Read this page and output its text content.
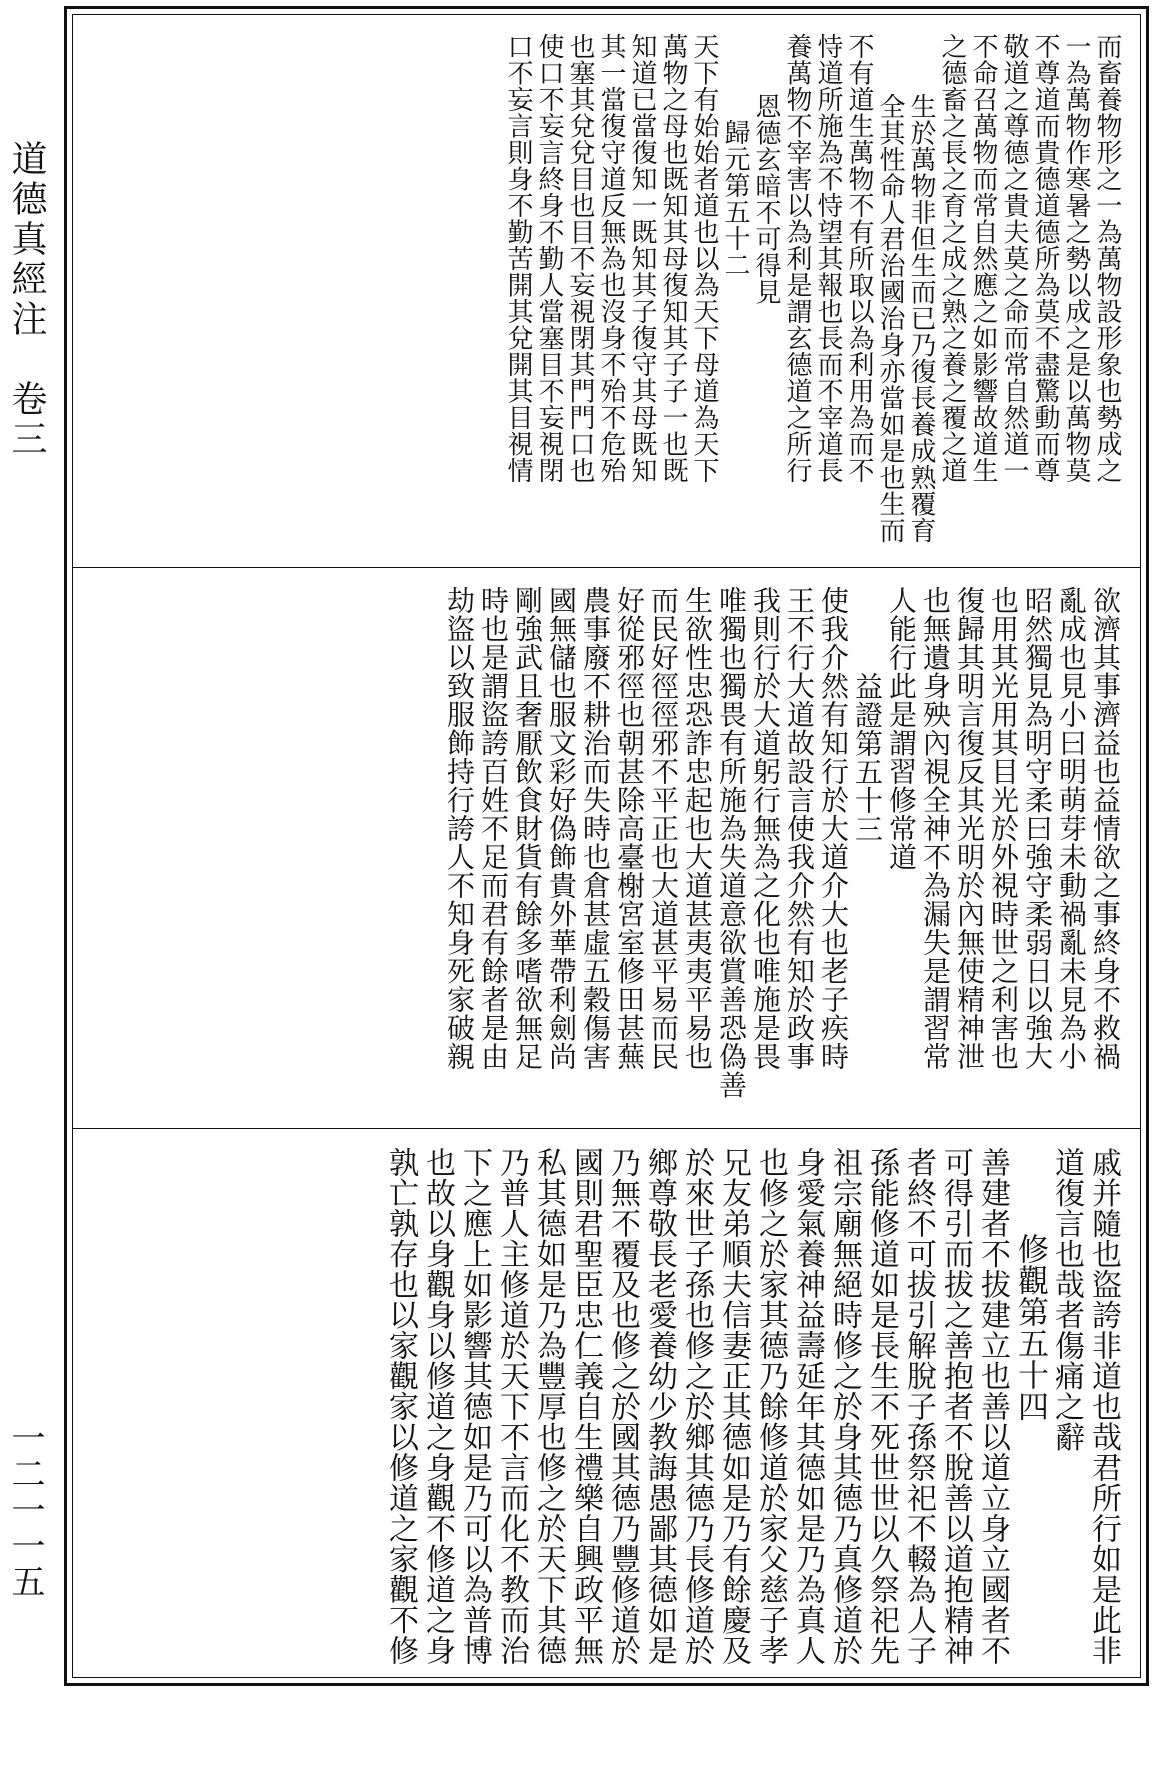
道德真經注　卷三
一二一一五

而畜養物形之一為萬物設形象也勢成之

一為萬物作寒暑之勢以成之是以萬物莫

不尊道而貴德道德所為莫不盡驚動而尊

敬道之尊德之貴夫莫之命而常自然道一

不命召萬物而常自然應之如影響故道生

之德畜之長之育之成之熟之養之覆之道

生於萬物非但生而已乃復長養成熟覆育

全其性命人君治國治身亦當如是也生而

不有道生萬物不有所取以為利用為而不

恃道所施為不恃望其報也長而不宰道長

養萬物不宰害以為利是謂玄德道之所行

恩德玄暗不可得見

歸元第五十二

天下有始始者道也以為天下母道為天下

萬物之母也既知其母復知其子子一也既

知道已當復知一既知其子復守其母既知

其一當復守道反無為也沒身不殆不危殆

也塞其兌兌目也目不妄視閉其門門口也

使口不妄言終身不勤人當塞目不妄視閉

口不妄言則身不勤苦開其兌開其目視情

欲濟其事濟益也益情欲之事終身不救禍

亂成也見小曰明萌芽未動禍亂未見為小

昭然獨見為明守柔曰強守柔弱日以強大

也用其光用其目光於外視時世之利害也

復歸其明言復反其光明於內無使精神泄

也無遺身殃內視全神不為漏失是謂習常

人能行此是謂習修常道

益證第五十三

使我介然有知行於大道介大也老子疾時

王不行大道故設言使我介然有知於政事

我則行於大道躬行無為之化也唯施是畏

唯獨也獨畏有所施為失道意欲賞善恐偽善

生欲性忠恐詐忠起也大道甚夷夷平易也

而民好徑徑邪不平正也大道甚平易而民

好從邪徑也朝甚除高臺榭宮室修田甚蕪

農事廢不耕治而失時也倉甚虛五穀傷害

國無儲也服文彩好偽飾貴外華帶利劍尚

剛強武且奢厭飲食財貨有餘多嗜欲無足

時也是謂盜誇百姓不足而君有餘者是由

劫盜以致服飾持行誇人不知身死家破親

戚并隨也盜誇非道也哉君所行如是此非

道復言也哉者傷痛之辭

修觀第五十四

善建者不拔建立也善以道立身立國者不

可得引而拔之善抱者不脫善以道抱精神

者終不可拔引解脫子孫祭祀不輟為人子

孫能修道如是長生不死世世以久祭祀先

祖宗廟無絕時修之於身其德乃真修道於

身愛氣養神益壽延年其德如是乃為真人

也修之於家其德乃餘修道於家父慈子孝

兄友弟順夫信妻正其德如是乃有餘慶及

於來世子孫也修之於鄉其德乃長修道於

鄉尊敬長老愛養幼少教誨愚鄙其德如是

乃無不覆及也修之於國其德乃豐修道於

國則君聖臣忠仁義自生禮樂自興政平無

私其德如是乃為豐厚也修之於天下其德

乃普人主修道於天下不言而化不教而治

下之應上如影響其德如是乃可以為普博

也故以身觀身以修道之身觀不修道之身

孰亡孰存也以家觀家以修道之家觀不修
